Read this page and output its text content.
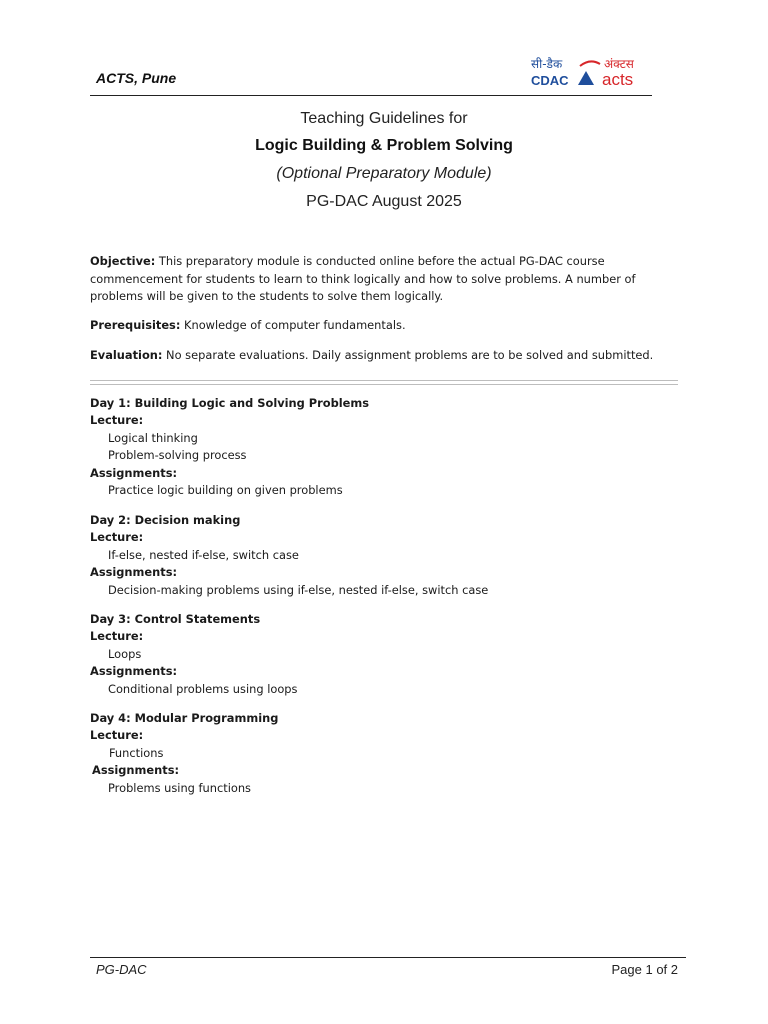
ACTS, Pune
सी-डैक
CDAC
अंक्टस
acts
Teaching Guidelines for
Logic Building & Problem Solving
(Optional Preparatory Module)
PG-DAC August 2025
Objective: This preparatory module is conducted online before the actual PG-DAC course commencement for students to learn to think logically and how to solve problems. A number of problems will be given to the students to solve them logically.
Prerequisites: Knowledge of computer fundamentals.
Evaluation: No separate evaluations. Daily assignment problems are to be solved and submitted.
Day 1: Building Logic and Solving Problems
Lecture:
Logical thinking
Problem-solving process
Assignments:
Practice logic building on given problems
Day 2: Decision making
Lecture:
If-else, nested if-else, switch case
Assignments:
Decision-making problems using if-else, nested if-else, switch case
Day 3: Control Statements
Lecture:
Loops
Assignments:
Conditional problems using loops
Day 4: Modular Programming
Lecture:
Functions
Assignments:
Problems using functions
PG-DAC	Page 1 of 2
